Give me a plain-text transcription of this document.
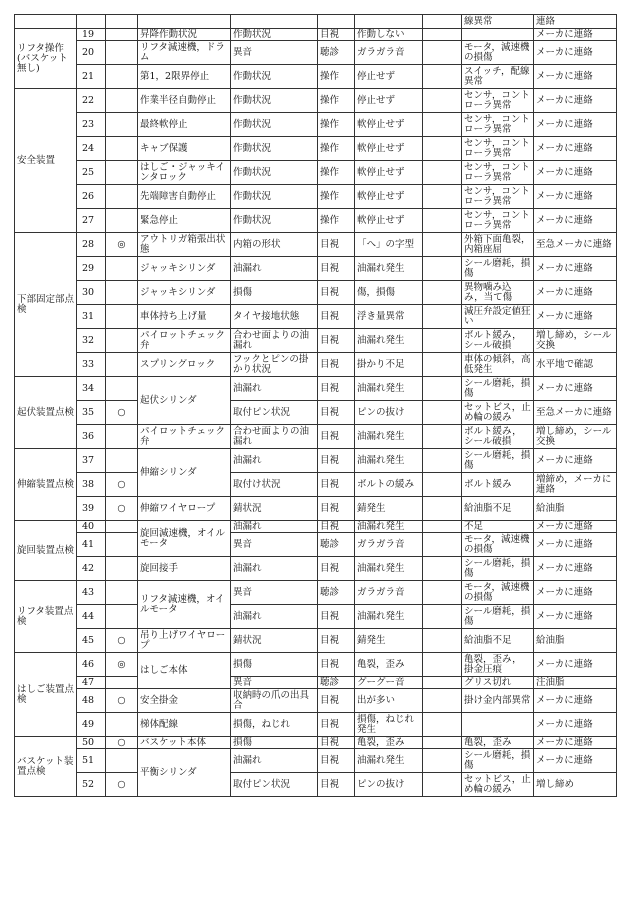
								線異常	連絡
リフタ操作(バスケット無し)	19		昇降作動状況	作動状況	目視	作動しない			メーカに連絡
	20		リフタ減速機，ドラム	異音	聴診	ガラガラ音		モータ，減速機の損傷	メーカに連絡
	21		第1，2限界停止	作動状況	操作	停止せず		スイッチ，配線異常	メーカに連絡
安全装置	22		作業半径自動停止	作動状況	操作	停止せず		センサ，コントローラ異常	メーカに連絡
	23		最終軟停止	作動状況	操作	軟停止せず		センサ，コントローラ異常	メーカに連絡
	24		キャブ保護	作動状況	操作	軟停止せず		センサ，コントローラ異常	メーカに連絡
	25		はしご・ジャッキインタロック	作動状況	操作	軟停止せず		センサ，コントローラ異常	メーカに連絡
	26		先端障害自動停止	作動状況	操作	軟停止せず		センサ，コントローラ異常	メーカに連絡
	27		緊急停止	作動状況	操作	軟停止せず		センサ，コントローラ異常	メーカに連絡
下部固定部点検	28	◎	アウトリガ箱張出状態	内箱の形状	目視	「へ」の字型		外箱下面亀裂，内箱座屈	至急メーカに連絡
	29		ジャッキシリンダ	油漏れ	目視	油漏れ発生		シール磨耗，損傷	メーカに連絡
	30		ジャッキシリンダ	損傷	目視	傷，損傷		異物噛み込み，当て傷	メーカに連絡
	31		車体持ち上げ量	タイヤ接地状態	目視	浮き量異常		減圧弁設定値狂い	メーカに連絡
	32		パイロットチェック弁	合わせ面よりの油漏れ	目視	油漏れ発生		ボルト緩み，シール破損	増し締め，シール交換
	33		スプリングロック	フックとピンの掛かり状況	目視	掛かり不足		車体の傾斜，高低発生	水平地で確認
起伏装置点検	34		起伏シリンダ	油漏れ	目視	油漏れ発生		シール磨耗，損傷	メーカに連絡
	35	○		取付ピン状況	目視	ピンの抜け		セットビス，止め輪の緩み	至急メーカに連絡
	36		パイロットチェック弁	合わせ面よりの油漏れ	目視	油漏れ発生		ボルト緩み，シール破損	増し締め，シール交換
伸縮装置点検	37		伸縮シリンダ	油漏れ	目視	油漏れ発生		シール磨耗，損傷	メーカに連絡
	38	○		取付け状況	目視	ボルトの緩み		ボルト緩み	増締め，メーカに連絡
	39	○	伸縮ワイヤロープ	錆状況	目視	錆発生		給油脂不足	給油脂
旋回装置点検	40		旋回減速機，オイルモータ	油漏れ	目視	油漏れ発生		不足	メーカに連絡
	41			異音	聴診	ガラガラ音		モータ，減速機の損傷	メーカに連絡
	42		旋回接手	油漏れ	目視	油漏れ発生		シール磨耗，損傷	メーカに連絡
リフタ装置点検	43		リフタ減速機，オイルモータ	異音	聴診	ガラガラ音		モータ，減速機の損傷	メーカに連絡
	44			油漏れ	目視	油漏れ発生		シール磨耗，損傷	メーカに連絡
	45	○	吊り上げワイヤロープ	錆状況	目視	錆発生		給油脂不足	給油脂
はしご装置点検	46	◎	はしご本体	損傷	目視	亀裂，歪み		亀裂，歪み，掛金圧痕	メーカに連絡
	47			異音	聴診	グーグー音		グリス切れ	注油脂
	48	○	安全掛金	収納時の爪の出具合	目視	出が多い		掛け金内部異常	メーカに連絡
	49		梯体配線	損傷，ねじれ	目視	損傷，ねじれ発生			メーカに連絡
バスケット装置点検	50	○	バスケット本体	損傷	目視	亀裂，歪み		亀裂，歪み	メーカに連絡
	51		平衡シリンダ	油漏れ	目視	油漏れ発生		シール磨耗，損傷	メーカに連絡
	52	○		取付ピン状況	目視	ピンの抜け		セットビス，止め輪の緩み	増し締め
